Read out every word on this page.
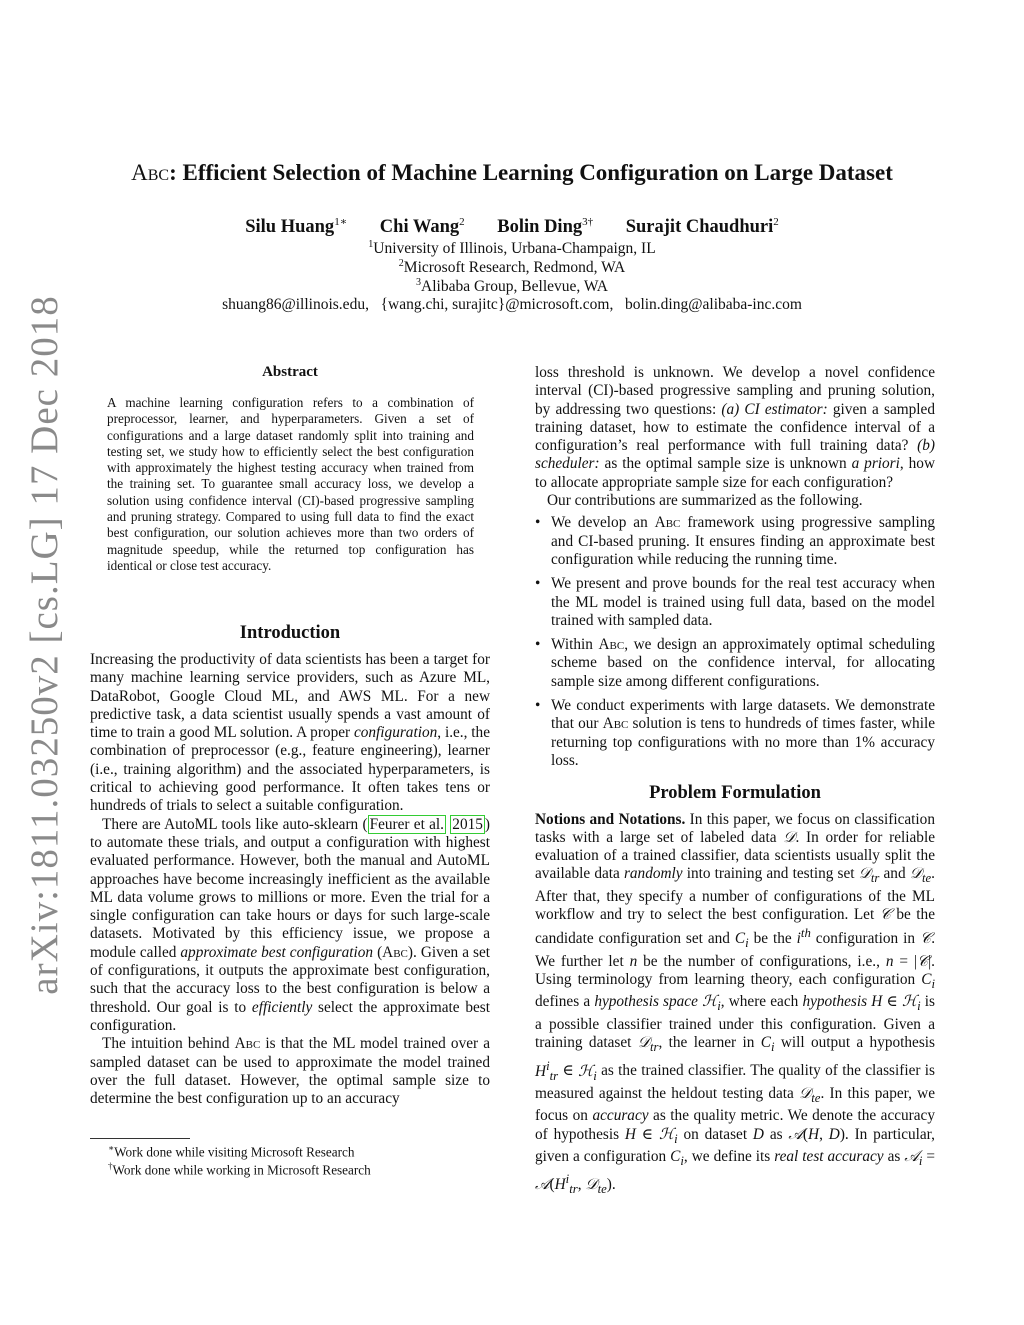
arXiv:1811.03250v2 [cs.LG] 17 Dec 2018
Abc: Efficient Selection of Machine Learning Configuration on Large Dataset
Silu Huang$^{1∗}$ Chi Wang$^2$ Bolin Ding$^{3\dagger}$ Surajit Chaudhuri$^2$
$^1$University of Illinois, Urbana-Champaign, IL
$^2$Microsoft Research, Redmond, WA
$^3$Alibaba Group, Bellevue, WA
shuang86@illinois.edu,   {wang.chi, surajitc}@microsoft.com,   bolin.ding@alibaba-inc.com
Abstract
A machine learning configuration refers to a combination of preprocessor, learner, and hyperparameters. Given a set of configurations and a large dataset randomly split into training and testing set, we study how to efficiently select the best configuration with approximately the highest testing accuracy when trained from the training set. To guarantee small accuracy loss, we develop a solution using confidence interval (CI)-based progressive sampling and pruning strategy. Compared to using full data to find the exact best configuration, our solution achieves more than two orders of magnitude speedup, while the returned top configuration has identical or close test accuracy.
Introduction

Increasing the productivity of data scientists has been a target for many machine learning service providers, such as Azure ML, DataRobot, Google Cloud ML, and AWS ML. For a new predictive task, a data scientist usually spends a vast amount of time to train a good ML solution. A proper configuration, i.e., the combination of preprocessor (e.g., feature engineering), learner (i.e., training algorithm) and the associated hyperparameters, is critical to achieving good performance. It often takes tens or hundreds of trials to select a suitable configuration.

There are AutoML tools like auto-sklearn ( Feurer et al. 2015 ) to automate these trials, and output a configuration with highest evaluated performance. However, both the manual and AutoML approaches have become increasingly inefficient as the available ML data volume grows to millions or more. Even the trial for a single configuration can take hours or days for such large-scale datasets. Motivated by this efficiency issue, we propose a module called approximate best configuration (Abc). Given a set of configurations, it outputs the approximate best configuration, such that the accuracy loss to the best configuration is below a threshold. Our goal is to efficiently select the approximate best configuration.

The intuition behind Abc is that the ML model trained over a sampled dataset can be used to approximate the model trained over the full dataset. However, the optimal sample size to determine the best configuration up to an accuracy

∗Work done while visiting Microsoft Research
†Work done while working in Microsoft Research

loss threshold is unknown. We develop a novel confidence interval (CI)-based progressive sampling and pruning solution, by addressing two questions: (a) CI estimator: given a sampled training dataset, how to estimate the confidence interval of a configuration’s real performance with full training data? (b) scheduler: as the optimal sample size is unknown a priori, how to allocate appropriate sample size for each configuration?

Our contributions are summarized as the following.

• We develop an Abc framework using progressive sampling and CI-based pruning. It ensures finding an approximate best configuration while reducing the running time.
• We present and prove bounds for the real test accuracy when the ML model is trained using full data, based on the model trained with sampled data.
• Within Abc, we design an approximately optimal scheduling scheme based on the confidence interval, for allocating sample size among different configurations.
• We conduct experiments with large datasets. We demonstrate that our Abc solution is tens to hundreds of times faster, while returning top configurations with no more than 1% accuracy loss.
Problem Formulation

Notions and Notations. In this paper, we focus on classification tasks with a large set of labeled data 𝒟. In order for reliable evaluation of a trained classifier, data scientists usually split the available data randomly into training and testing set 𝒟$_{tr}$ and 𝒟$_{te}$. After that, they specify a number of configurations of the ML workflow and try to select the best configuration. Let 𝒞 be the candidate configuration set and $C_i$ be the $i^{th}$ configuration in 𝒞. We further let n be the number of configurations, i.e., n = |𝒞|. Using terminology from learning theory, each configuration $C_i$ defines a hypothesis space ℋ$_i$, where each hypothesis H ∈ ℋ$_i$ is a possible classifier trained under this configuration. Given a training dataset 𝒟$_{tr}$, the learner in $C_i$ will output a hypothesis $H^i_{tr}$ ∈ ℋ$_i$ as the trained classifier. The quality of the classifier is measured against the heldout testing data 𝒟$_{te}$. In this paper, we focus on accuracy as the quality metric. We denote the accuracy of hypothesis H ∈ ℋ$_i$ on dataset D as 𝒜(H, D). In particular, given a configuration $C_i$, we define its real test accuracy as 𝒜$_i$ = $𝒜(H^i_{tr}$, 𝒟$_{te}$).
